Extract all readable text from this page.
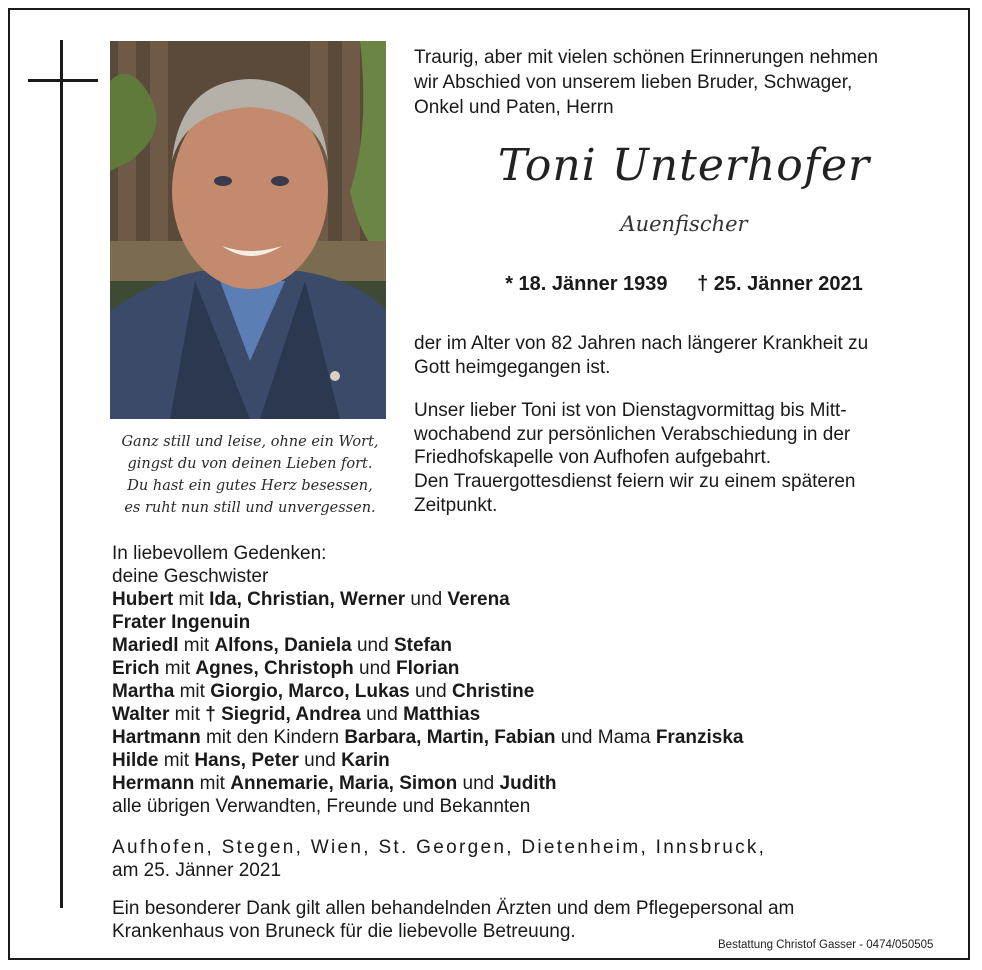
Ganz still und leise, ohne ein Wort,
gingst du von deinen Lieben fort.
Du hast ein gutes Herz besessen,
es ruht nun still und unvergessen.
Traurig, aber mit vielen schönen Erinnerungen nehmen
wir Abschied von unserem lieben Bruder, Schwager,
Onkel und Paten, Herrn
Toni Unterhofer
Auenfischer
* 18. Jänner 1939 † 25. Jänner 2021
der im Alter von 82 Jahren nach längerer Krankheit zu
Gott heimgegangen ist.
Unser lieber Toni ist von Dienstagvormittag bis Mitt-
wochabend zur persönlichen Verabschiedung in der
Friedhofskapelle von Aufhofen aufgebahrt.
Den Trauergottesdienst feiern wir zu einem späteren
Zeitpunkt.
In liebevollem Gedenken:
deine Geschwister
Hubert mit Ida, Christian, Werner und Verena
Frater Ingenuin
Mariedl mit Alfons, Daniela und Stefan
Erich mit Agnes, Christoph und Florian
Martha mit Giorgio, Marco, Lukas und Christine
Walter mit † Siegrid, Andrea und Matthias
Hartmann mit den Kindern Barbara, Martin, Fabian und Mama Franziska
Hilde mit Hans, Peter und Karin
Hermann mit Annemarie, Maria, Simon und Judith
alle übrigen Verwandten, Freunde und Bekannten
Aufhofen, Stegen, Wien, St. Georgen, Dietenheim, Innsbruck,
am 25. Jänner 2021
Ein besonderer Dank gilt allen behandelnden Ärzten und dem Pflegepersonal am
Krankenhaus von Bruneck für die liebevolle Betreuung.
Bestattung Christof Gasser - 0474/050505
